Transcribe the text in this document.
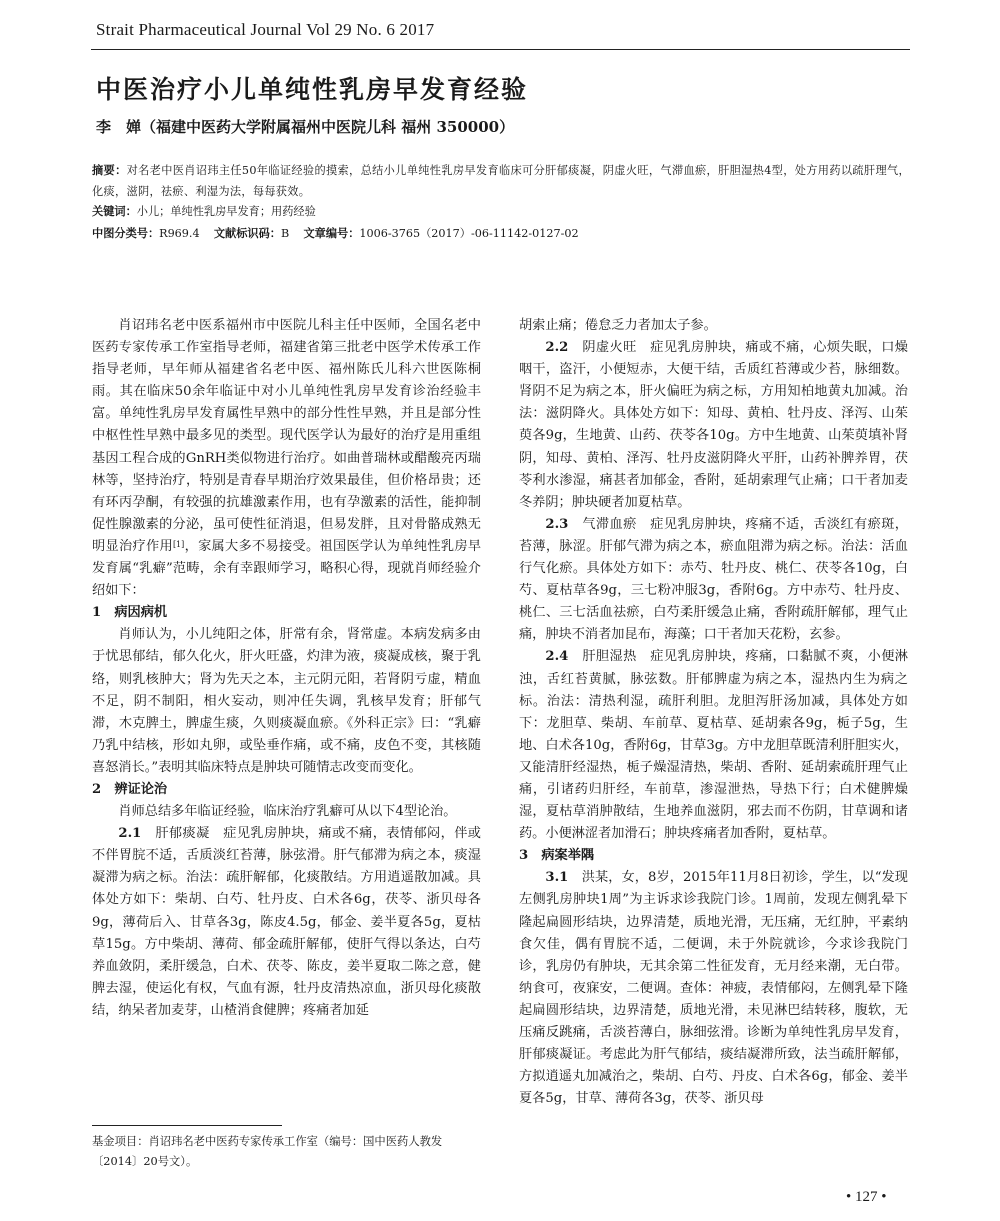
Strait Pharmaceutical Journal Vol 29 No. 6 2017
中医治疗小儿单纯性乳房早发育经验
李　婵（福建中医药大学附属福州中医院儿科 福州 350000）
摘要：对名老中医肖诏玮主任50年临证经验的摸索，总结小儿单纯性乳房早发育临床可分肝郁痰凝，阴虚火旺，气滞血瘀，肝胆湿热4型，处方用药以疏肝理气，化痰，滋阴，祛瘀、利湿为法，每每获效。
关键词：小儿；单纯性乳房早发育；用药经验
中图分类号：R969.4 文献标识码：B 文章编号：1006-3765（2017）-06-11142-0127-02

肖诏玮名老中医系福州市中医院儿科主任中医师，全国名老中医药专家传承工作室指导老师，福建省第三批老中医学术传承工作指导老师，早年师从福建省名老中医、福州陈氏儿科六世医陈桐雨。其在临床50余年临证中对小儿单纯性乳房早发育诊治经验丰富。单纯性乳房早发育属性早熟中的部分性性早熟，并且是部分性中枢性性早熟中最多见的类型。现代医学认为最好的治疗是用重组基因工程合成的GnRH类似物进行治疗。如曲普瑞林或醋酸亮丙瑞林等，坚持治疗，特别是青春早期治疗效果最佳，但价格昂贵；还有环丙孕酮，有较强的抗雄激素作用，也有孕激素的活性，能抑制促性腺激素的分泌，虽可使性征消退，但易发胖，且对骨骼成熟无明显治疗作用[1]，家属大多不易接受。祖国医学认为单纯性乳房早发育属“乳癖”范畴，余有幸跟师学习，略积心得，现就肖师经验介绍如下：

1　病因病机

肖师认为，小儿纯阳之体，肝常有余，肾常虚。本病发病多由于忧思郁结，郁久化火，肝火旺盛，灼津为液，痰凝成核，聚于乳络，则乳核肿大；肾为先天之本，主元阴元阳，若肾阴亏虚，精血不足，阴不制阳，相火妄动，则冲任失调，乳核早发育；肝郁气滞，木克脾土，脾虚生痰，久则痰凝血瘀。《外科正宗》曰：“乳癖乃乳中结核，形如丸卵，或坠垂作痛，或不痛，皮色不变，其核随喜怒消长。”表明其临床特点是肿块可随情志改变而变化。

2　辨证论治

肖师总结多年临证经验，临床治疗乳癖可从以下4型论治。

2.1　肝郁痰凝　症见乳房肿块，痛或不痛，表情郁闷，伴或不伴胃脘不适，舌质淡红苔薄，脉弦滑。肝气郁滞为病之本，痰湿凝滞为病之标。治法：疏肝解郁，化痰散结。方用逍遥散加减。具体处方如下：柴胡、白芍、牡丹皮、白术各6g，茯苓、浙贝母各9g，薄荷后入、甘草各3g，陈皮4.5g，郁金、姜半夏各5g，夏枯草15g。方中柴胡、薄荷、郁金疏肝解郁，使肝气得以条达，白芍养血敛阴，柔肝缓急，白术、茯苓、陈皮，姜半夏取二陈之意，健脾去湿，使运化有权，气血有源，牡丹皮清热凉血，浙贝母化痰散结，纳呆者加麦芽，山楂消食健脾；疼痛者加延

胡索止痛；倦怠乏力者加太子参。

2.2　阴虚火旺　症见乳房肿块，痛或不痛，心烦失眠，口燥咽干，盗汗，小便短赤，大便干结，舌质红苔薄或少苔，脉细数。肾阴不足为病之本，肝火偏旺为病之标，方用知柏地黄丸加减。治法：滋阴降火。具体处方如下：知母、黄柏、牡丹皮、泽泻、山茱萸各9g，生地黄、山药、茯苓各10g。方中生地黄、山茱萸填补肾阴，知母、黄柏、泽泻、牡丹皮滋阴降火平肝，山药补脾养胃，茯苓利水渗湿，痛甚者加郁金，香附，延胡索理气止痛；口干者加麦冬养阴；肿块硬者加夏枯草。

2.3　气滞血瘀　症见乳房肿块，疼痛不适，舌淡红有瘀斑，苔薄，脉涩。肝郁气滞为病之本，瘀血阻滞为病之标。治法：活血行气化瘀。具体处方如下：赤芍、牡丹皮、桃仁、茯苓各10g，白芍、夏枯草各9g，三七粉冲服3g，香附6g。方中赤芍、牡丹皮、桃仁、三七活血祛瘀，白芍柔肝缓急止痛，香附疏肝解郁，理气止痛，肿块不消者加昆布，海藻；口干者加天花粉，玄参。

2.4　肝胆湿热　症见乳房肿块，疼痛，口黏腻不爽，小便淋浊，舌红苔黄腻，脉弦数。肝郁脾虚为病之本，湿热内生为病之标。治法：清热利湿，疏肝利胆。龙胆泻肝汤加减，具体处方如下：龙胆草、柴胡、车前草、夏枯草、延胡索各9g，栀子5g，生地、白术各10g，香附6g，甘草3g。方中龙胆草既清利肝胆实火，又能清肝经湿热，栀子燥湿清热，柴胡、香附、延胡索疏肝理气止痛，引诸药归肝经，车前草，渗湿泄热，导热下行；白术健脾燥湿，夏枯草消肿散结，生地养血滋阴，邪去而不伤阴，甘草调和诸药。小便淋涩者加滑石；肿块疼痛者加香附，夏枯草。

3　病案举隅

3.1　洪某，女，8岁，2015年11月8日初诊，学生，以“发现左侧乳房肿块1周”为主诉求诊我院门诊。1周前，发现左侧乳晕下隆起扁圆形结块，边界清楚，质地光滑，无压痛，无红肿，平素纳食欠佳，偶有胃脘不适，二便调，未于外院就诊，今求诊我院门诊，乳房仍有肿块，无其余第二性征发育，无月经来潮，无白带。纳食可，夜寐安，二便调。查体：神疲，表情郁闷，左侧乳晕下隆起扁圆形结块，边界清楚，质地光滑，未见淋巴结转移，腹软，无压痛反跳痛，舌淡苔薄白，脉细弦滑。诊断为单纯性乳房早发育，肝郁痰凝证。考虑此为肝气郁结，痰结凝滞所致，法当疏肝解郁，方拟逍遥丸加减治之，柴胡、白芍、丹皮、白术各6g，郁金、姜半夏各5g，甘草、薄荷各3g，茯苓、浙贝母

基金项目：肖诏玮名老中医药专家传承工作室（编号：国中医药人教发〔2014〕20号文）。
• 127 •
